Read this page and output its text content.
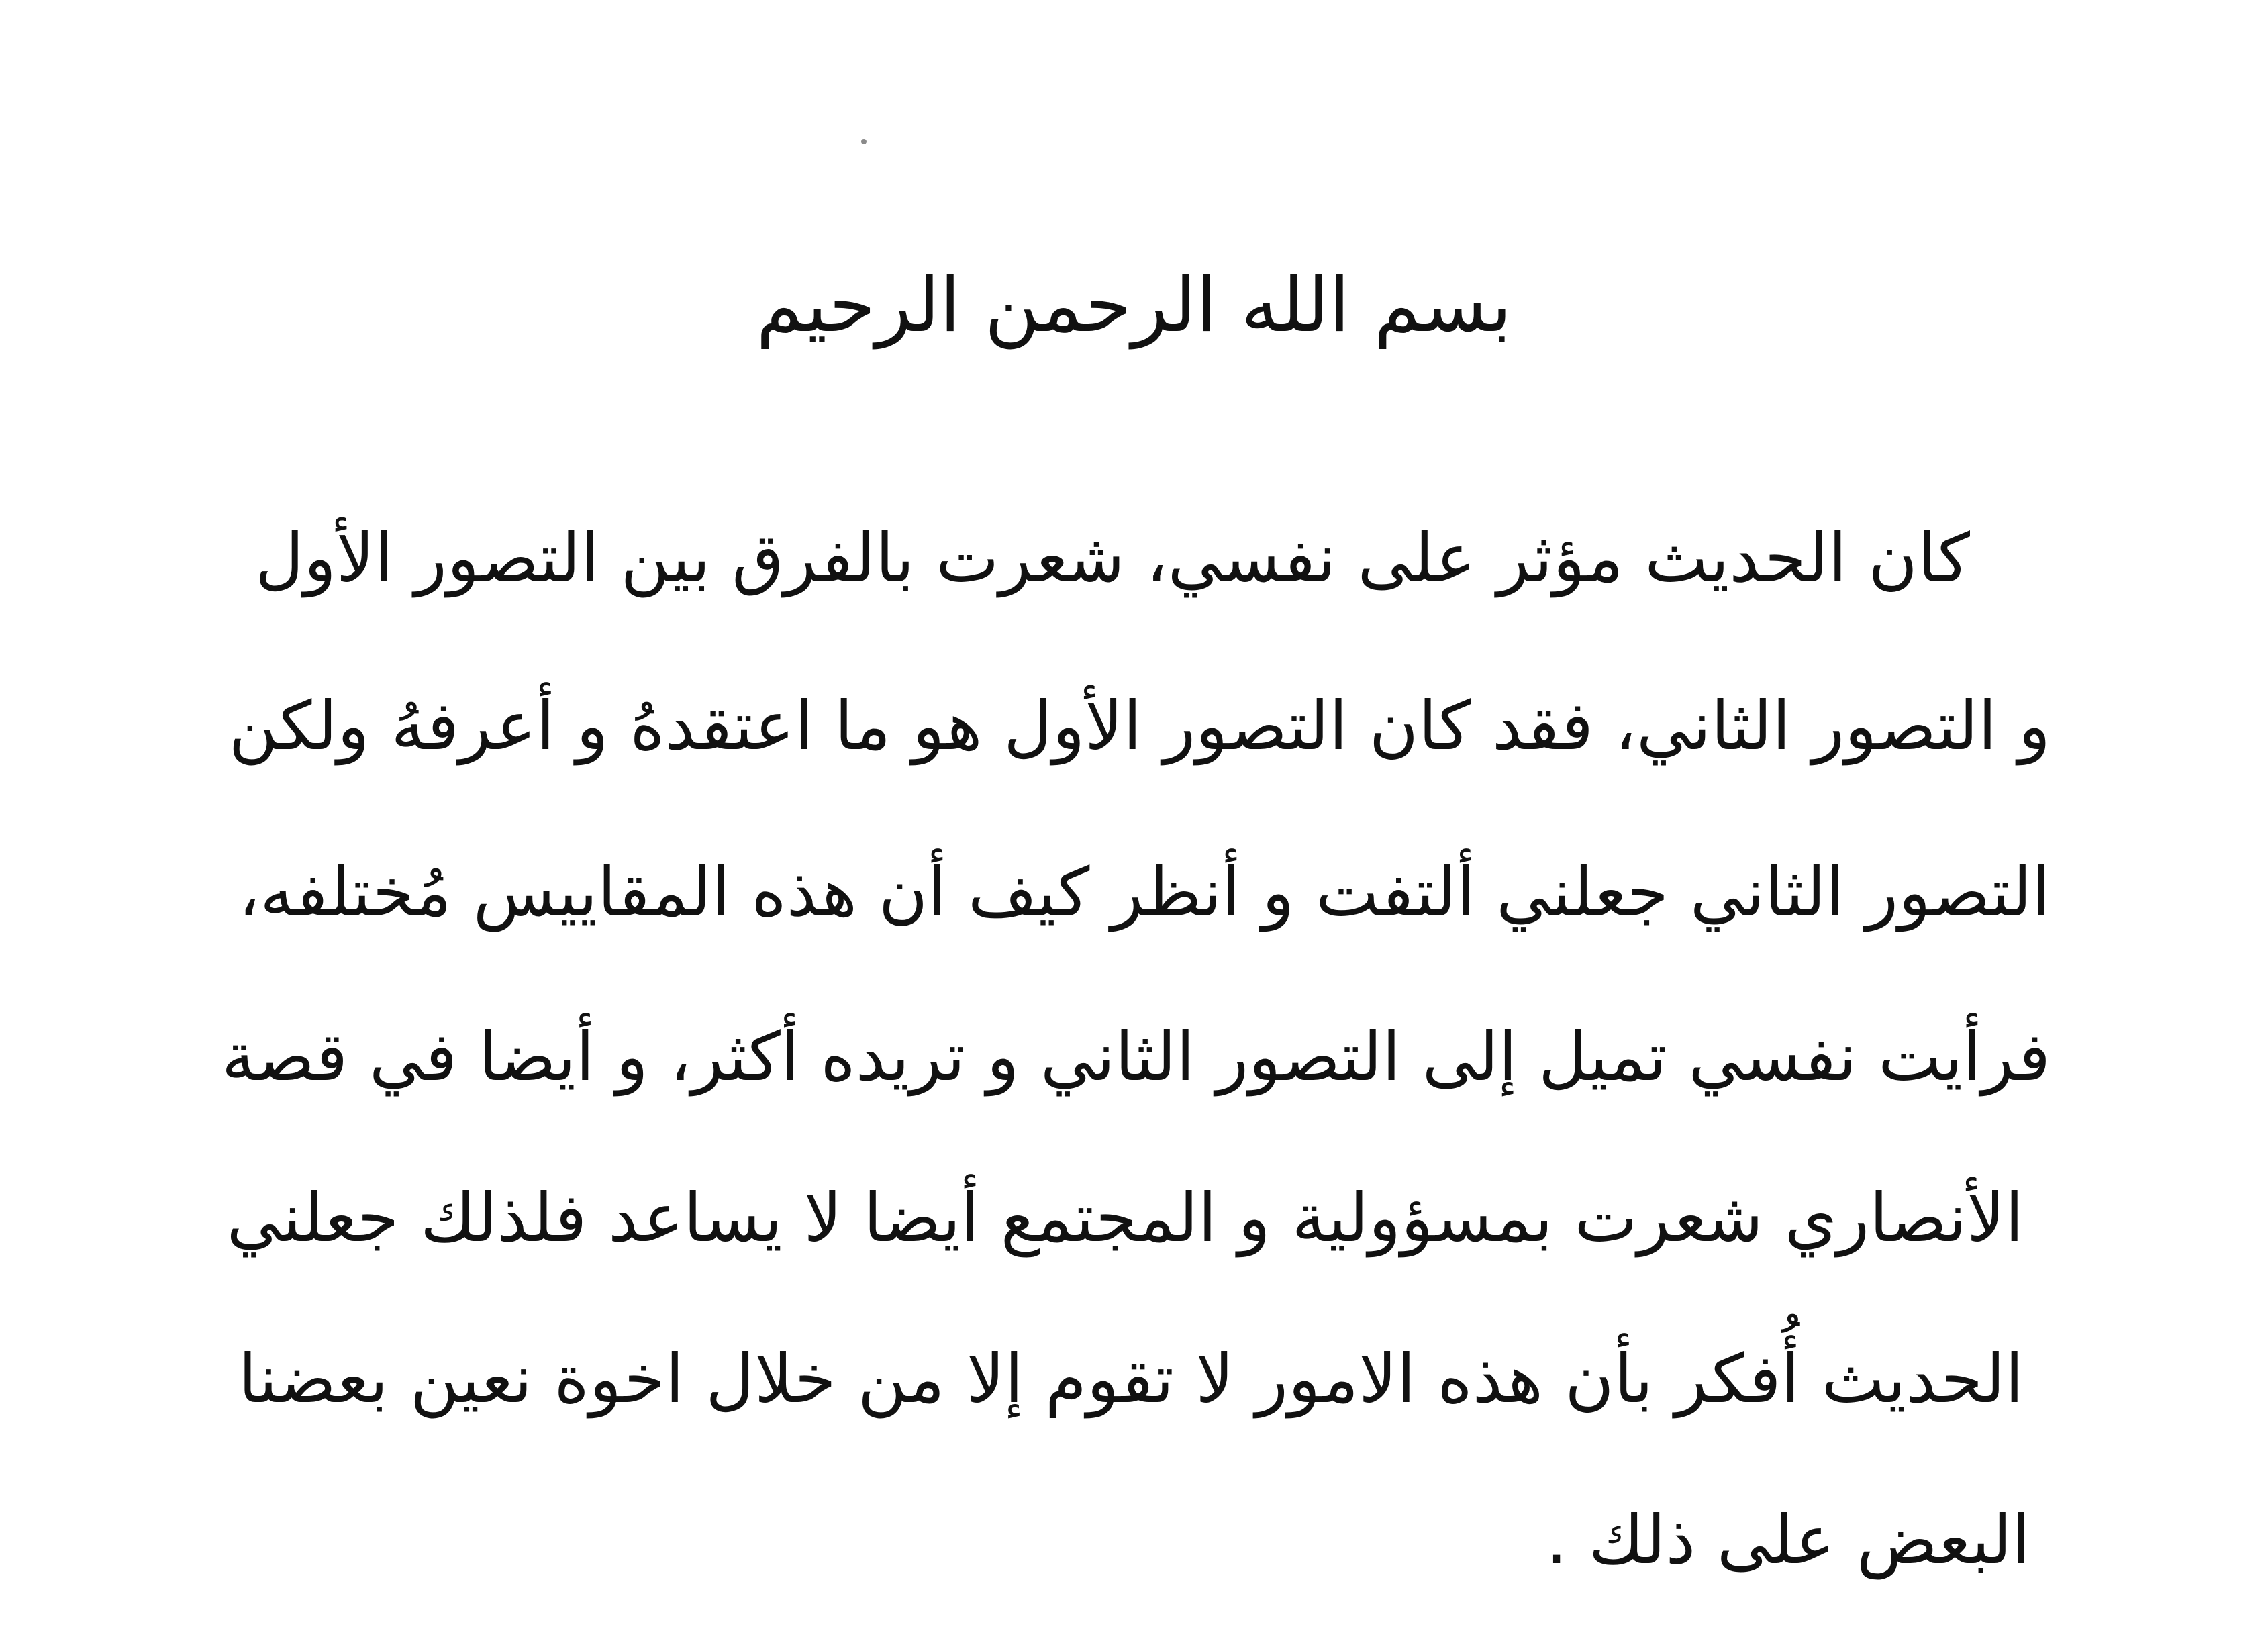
بسم الله الرحمن الرحيم
كان الحديث مؤثر على نفسي، شعرت بالفرق بين التصور الأول
و التصور الثاني، فقد كان التصور الأول هو ما اعتقدهُ و أعرفهُ ولكن
التصور الثاني جعلني ألتفت و أنظر كيف أن هذه المقاييس مُختلفه،
فرأيت نفسي تميل إلى التصور الثاني و تريده أكثر، و أيضا في قصة
الأنصاري شعرت بمسؤولية و المجتمع أيضا لا يساعد فلذلك جعلني
الحديث أُفكر بأن هذه الامور لا تقوم إلا من خلال اخوة نعين بعضنا
البعض على ذلك .
